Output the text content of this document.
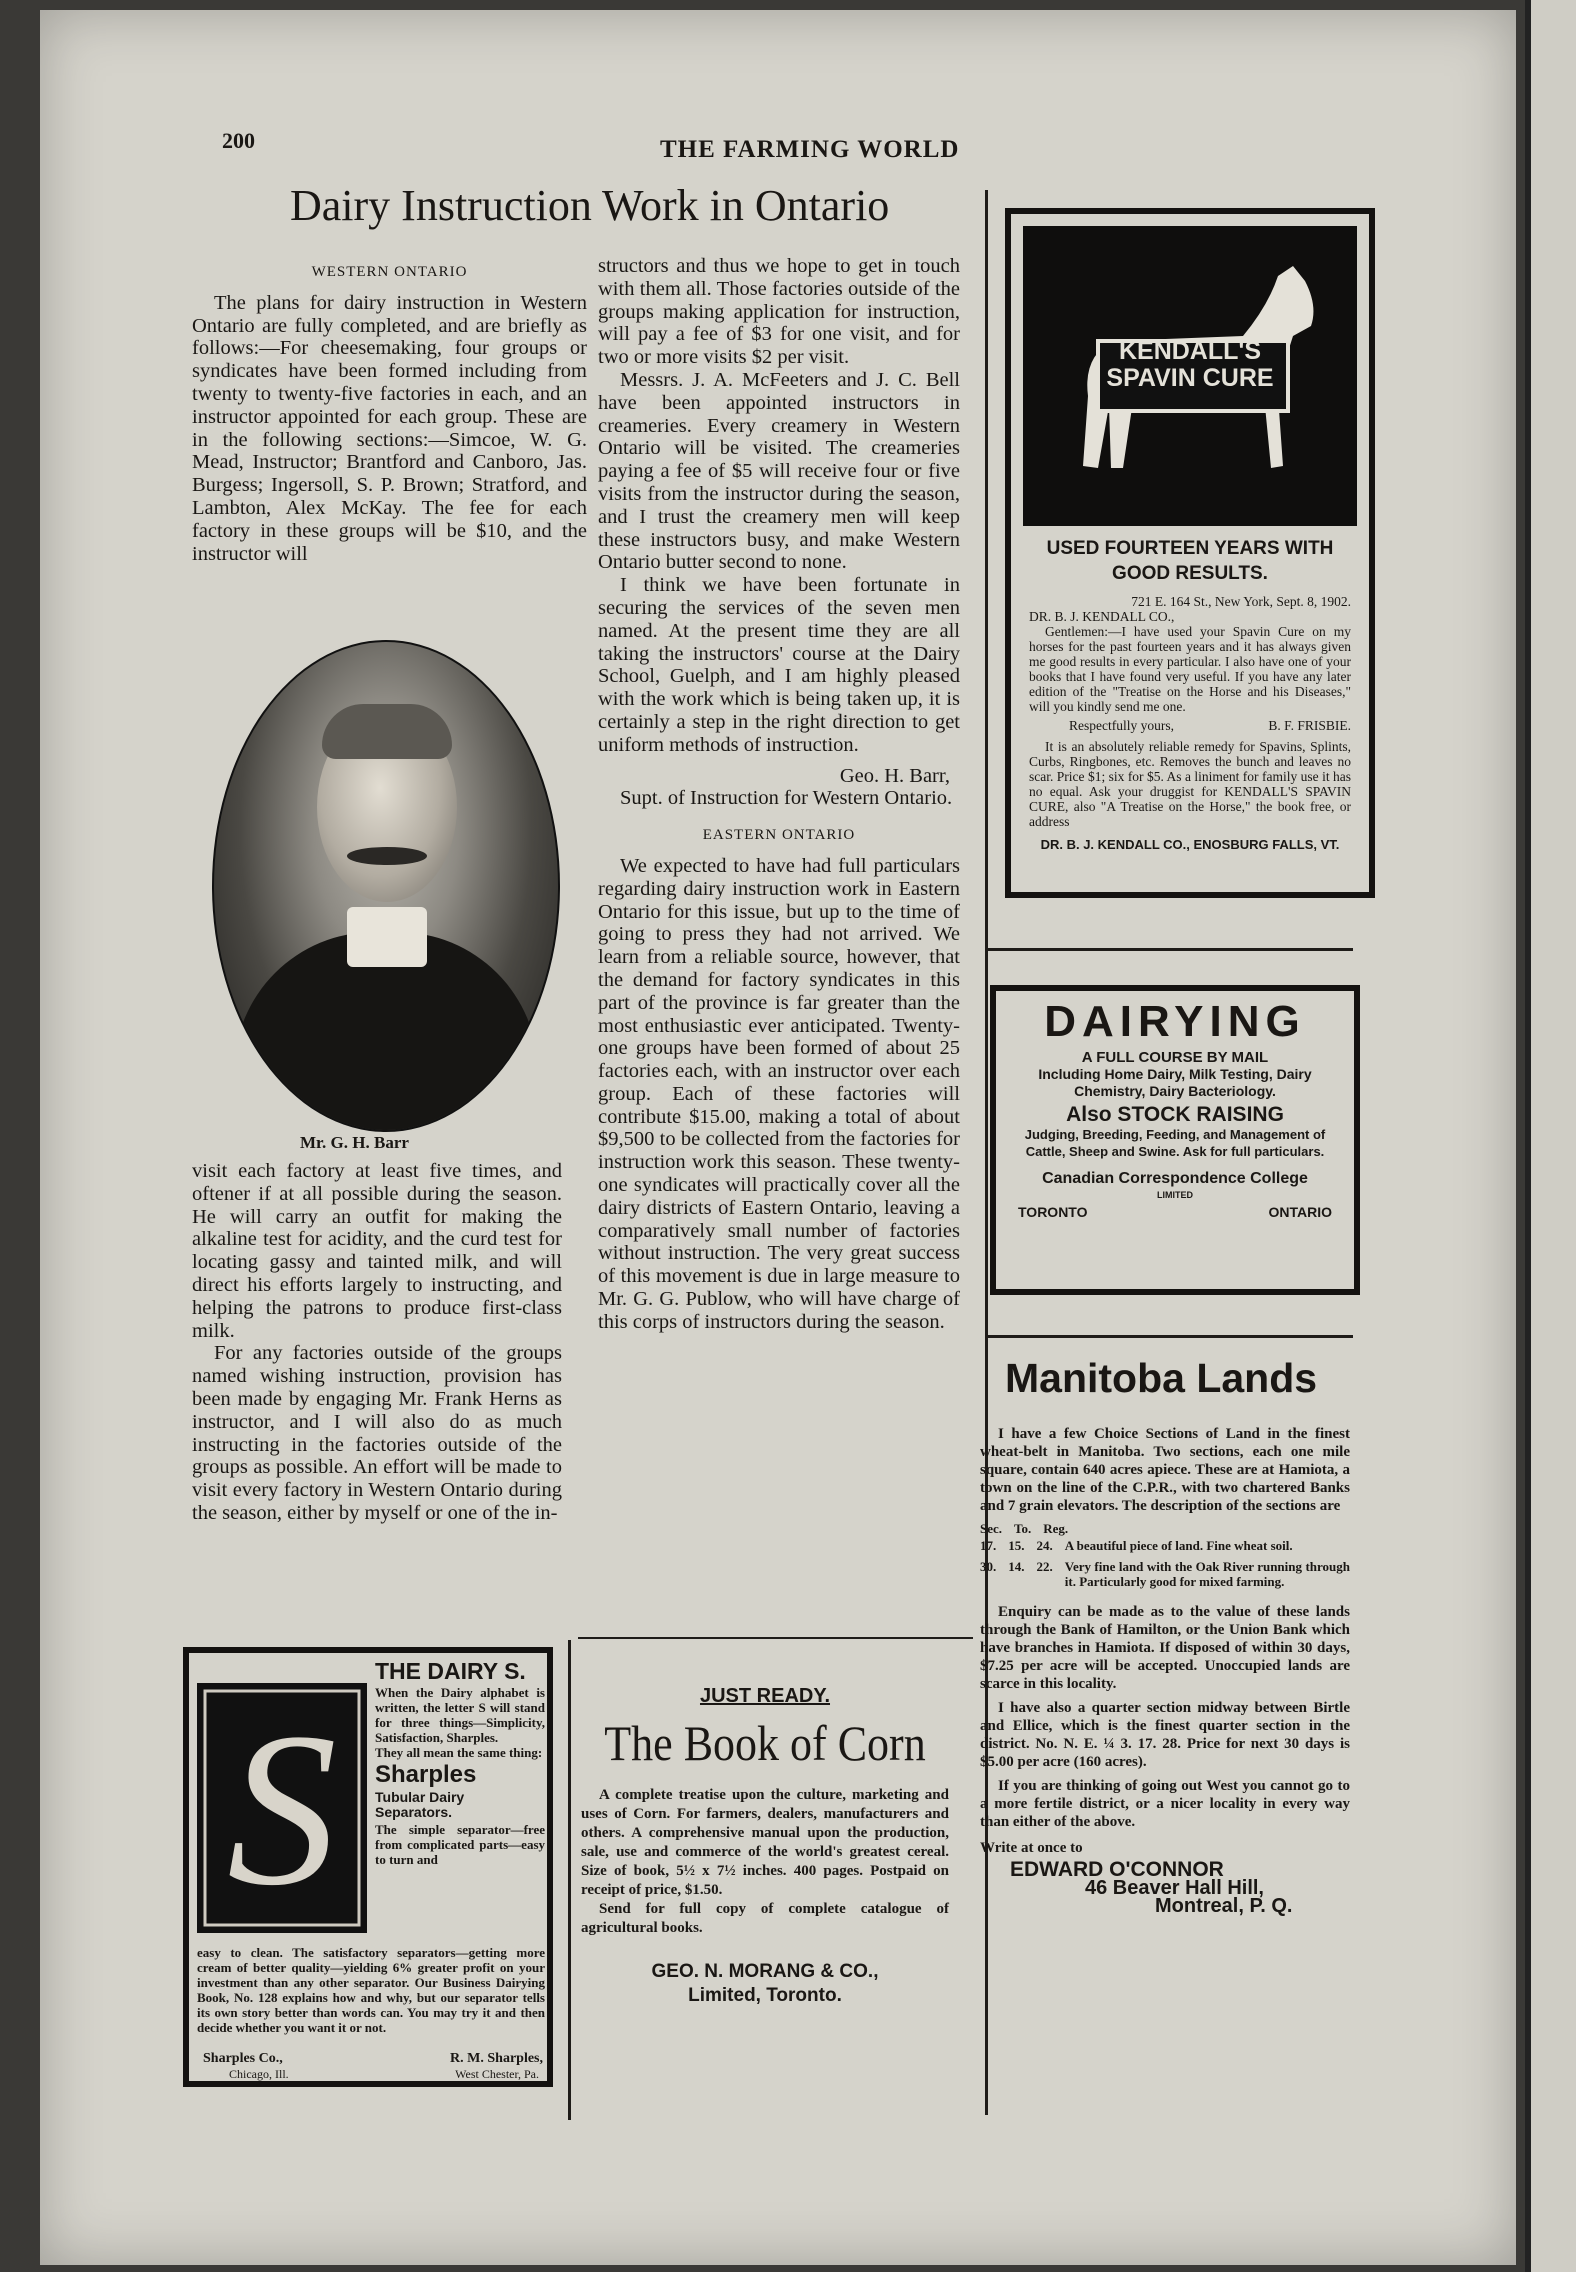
200	THE FARMING WORLD
Dairy Instruction Work in Ontario
WESTERN ONTARIO

The plans for dairy instruction in Western Ontario are fully completed, and are briefly as follows:—For cheesemaking, four groups or syndicates have been formed including from twenty to twenty-five factories in each, and an instructor appointed for each group. These are in the following sections:—Simcoe, W. G. Mead, Instructor; Brantford and Canboro, Jas. Burgess; Ingersoll, S. P. Brown; Stratford, and Lambton, Alex McKay. The fee for each factory in these groups will be $10, and the instructor will

Mr. G. H. Barr

visit each factory at least five times, and oftener if at all possible during the season. He will carry an outfit for making the alkaline test for acidity, and the curd test for locating gassy and tainted milk, and will direct his efforts largely to instructing, and helping the patrons to produce first-class milk.

For any factories outside of the groups named wishing instruction, provision has been made by engaging Mr. Frank Herns as instructor, and I will also do as much instructing in the factories outside of the groups as possible. An effort will be made to visit every factory in Western Ontario during the season, either by myself or one of the in-

structors and thus we hope to get in touch with them all. Those factories outside of the groups making application for instruction, will pay a fee of $3 for one visit, and for two or more visits $2 per visit.

Messrs. J. A. McFeeters and J. C. Bell have been appointed instructors in creameries. Every creamery in Western Ontario will be visited. The creameries paying a fee of $5 will receive four or five visits from the instructor during the season, and I trust the creamery men will keep these instructors busy, and make Western Ontario butter second to none.

I think we have been fortunate in securing the services of the seven men named. At the present time they are all taking the instructors' course at the Dairy School, Guelph, and I am highly pleased with the work which is being taken up, it is certainly a step in the right direction to get uniform methods of instruction.

Geo. H. Barr,

Supt. of Instruction for Western Ontario.

EASTERN ONTARIO

We expected to have had full particulars regarding dairy instruction work in Eastern Ontario for this issue, but up to the time of going to press they had not arrived. We learn from a reliable source, however, that the demand for factory syndicates in this part of the province is far greater than the most enthusiastic ever anticipated. Twenty-one groups have been formed of about 25 factories each, with an instructor over each group. Each of these factories will contribute $15.00, making a total of about $9,500 to be collected from the factories for instruction work this season. These twenty-one syndicates will practically cover all the dairy districts of Eastern Ontario, leaving a comparatively small number of factories without instruction. The very great success of this movement is due in large measure to Mr. G. G. Publow, who will have charge of this corps of instructors during the season.

KENDALL'S SPAVIN CURE
USED FOURTEEN YEARS WITH
GOOD RESULTS.
721 E. 164 St., New York, Sept. 8, 1902.
DR. B. J. KENDALL CO.,
Gentlemen:—I have used your Spavin Cure on my horses for the past fourteen years and it has always given me good results in every particular. I also have one of your books that I have found very useful. If you have any later edition of the "Treatise on the Horse and his Diseases," will you kindly send me one.
Respectfully yours,	B. F. FRISBIE.
It is an absolutely reliable remedy for Spavins, Splints, Curbs, Ringbones, etc. Removes the bunch and leaves no scar. Price $1; six for $5. As a liniment for family use it has no equal. Ask your druggist for KENDALL'S SPAVIN CURE, also "A Treatise on the Horse," the book free, or address
DR. B. J. KENDALL CO., ENOSBURG FALLS, VT.
DAIRYING
A FULL COURSE BY MAIL
Including Home Dairy, Milk Testing, Dairy Chemistry, Dairy Bacteriology.
Also STOCK RAISING
Judging, Breeding, Feeding, and Management of Cattle, Sheep and Swine. Ask for full particulars.
Canadian Correspondence College
LIMITED
TORONTO	ONTARIO
Manitoba Lands

I have a few Choice Sections of Land in the finest wheat-belt in Manitoba. Two sections, each one mile square, contain 640 acres apiece. These are at Hamiota, a town on the line of the C.P.R., with two chartered Banks and 7 grain elevators. The description of the sections are

Sec. To. Reg.
17. 15. 24. A beautiful piece of land. Fine wheat soil.
30. 14. 22. Very fine land with the Oak River running through it. Particularly good for mixed farming.

Enquiry can be made as to the value of these lands through the Bank of Hamilton, or the Union Bank which have branches in Hamiota. If disposed of within 30 days, $7.25 per acre will be accepted. Unoccupied lands are scarce in this locality.

I have also a quarter section midway between Birtle and Ellice, which is the finest quarter section in the district. No. N. E. ¼ 3. 17. 28. Price for next 30 days is $5.00 per acre (160 acres).

If you are thinking of going out West you cannot go to a more fertile district, or a nicer locality in every way than either of the above.

Write at once to
EDWARD O'CONNOR
46 Beaver Hall Hill,
Montreal, P. Q.
S
THE DAIRY S.
When the Dairy alphabet is written, the letter S will stand for three things—Simplicity, Satisfaction, Sharples.
They all mean the same thing:
Sharples
Tubular Dairy
Separators.
The simple separator—free from complicated parts—easy to turn and
easy to clean. The satisfactory separators—getting more cream of better quality—yielding 6% greater profit on your investment than any other separator. Our Business Dairying Book, No. 128 explains how and why, but our separator tells its own story better than words can. You may try it and then decide whether you want it or not.
Sharples Co.,	R. M. Sharples,
Chicago, Ill.	West Chester, Pa.
JUST READY.
The Book of Corn

A complete treatise upon the culture, marketing and uses of Corn. For farmers, dealers, manufacturers and others. A comprehensive manual upon the production, sale, use and commerce of the world's greatest cereal. Size of book, 5½ x 7½ inches. 400 pages. Postpaid on receipt of price, $1.50.

Send for full copy of complete catalogue of agricultural books.

GEO. N. MORANG & CO.,
Limited, Toronto.
